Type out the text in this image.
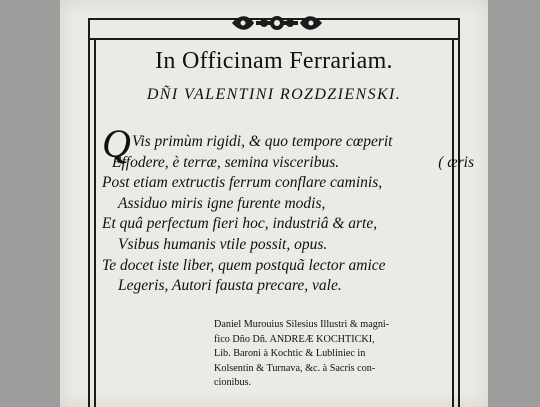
In Officinam Ferrariam.
DÑI VALENTINI ROZDZIENSKI.
Q Vis primùm rigidi, & quo tempore cœperit
Effodere, è terræ, semina visceribus.	( æris
Post etiam extructis ferrum conflare caminis,
Assiduo miris igne furente modis,
Et quâ perfectum fieri hoc, industriâ & arte,
Vsibus humanis vtile possit, opus.
Te docet iste liber, quem postquã lector amice
Legeris, Autori fausta precare, vale.
Daniel Murouius Silesius Illustri & magni-
fico Dño Dñ. ANDREÆ KOCHTICKI,
Lib. Baroni à Kochtic & Lubliniec in
Kolsentin & Turnava, &c. à Sacris con-
cionibus.
